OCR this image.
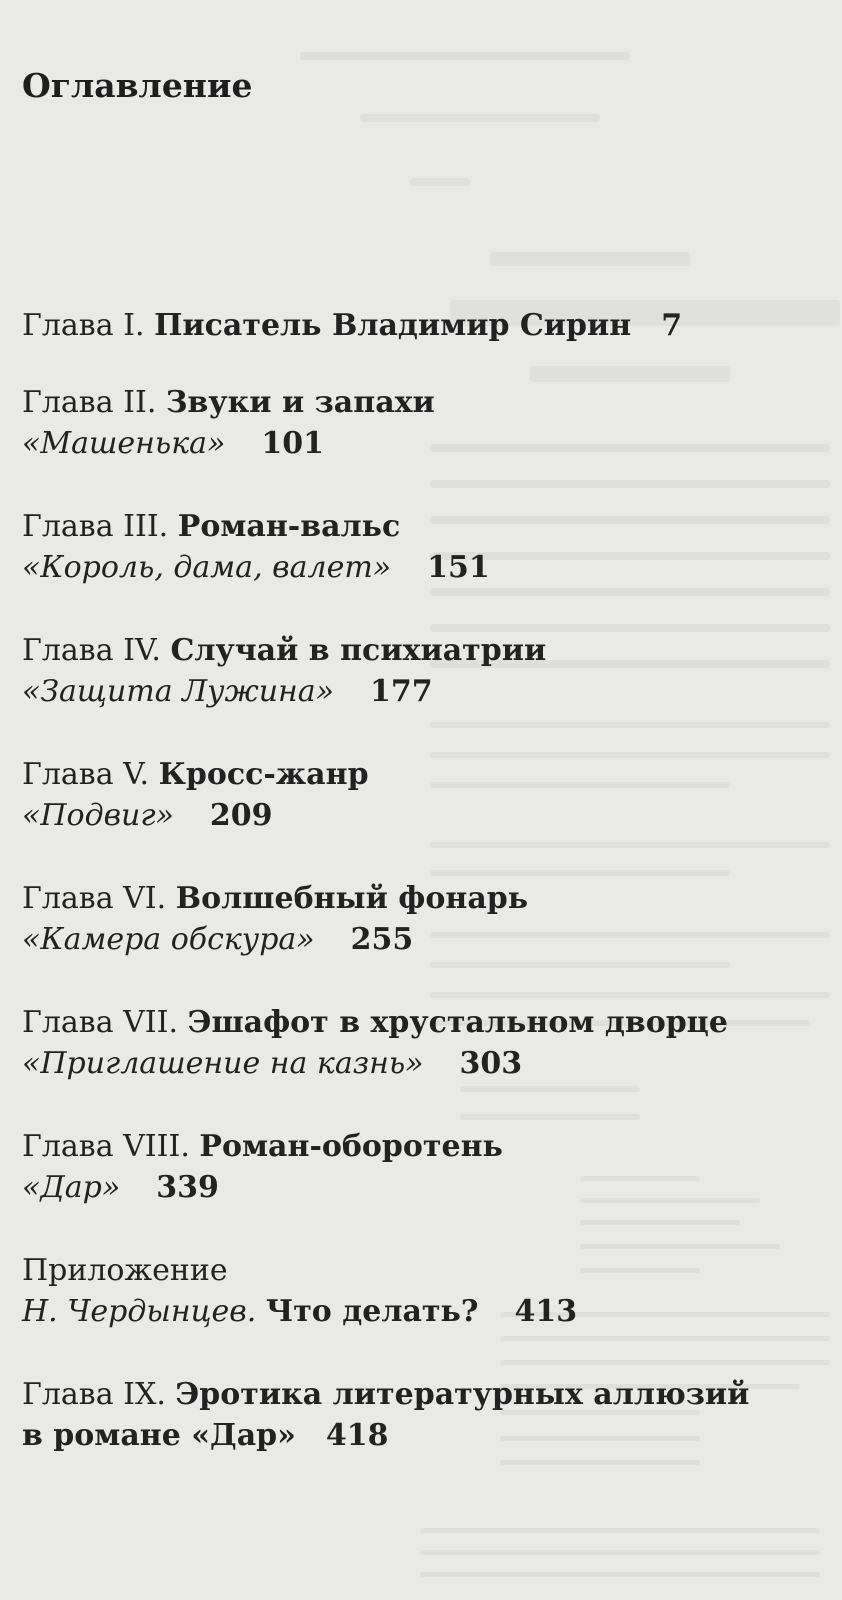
Оглавление
Глава I. Писатель Владимир Сирин 7
Глава II. Звуки и запахи
«Машенька» 101
Глава III. Роман-вальс
«Король, дама, валет» 151
Глава IV. Случай в психиатрии
«Защита Лужина» 177
Глава V. Кросс-жанр
«Подвиг» 209
Глава VI. Волшебный фонарь
«Камера обскура» 255
Глава VII. Эшафот в хрустальном дворце
«Приглашение на казнь» 303
Глава VIII. Роман-оборотень
«Дар» 339
Приложение
Н. Чердынцев. Что делать? 413
Глава IX. Эротика литературных аллюзий
в романе «Дар» 418
